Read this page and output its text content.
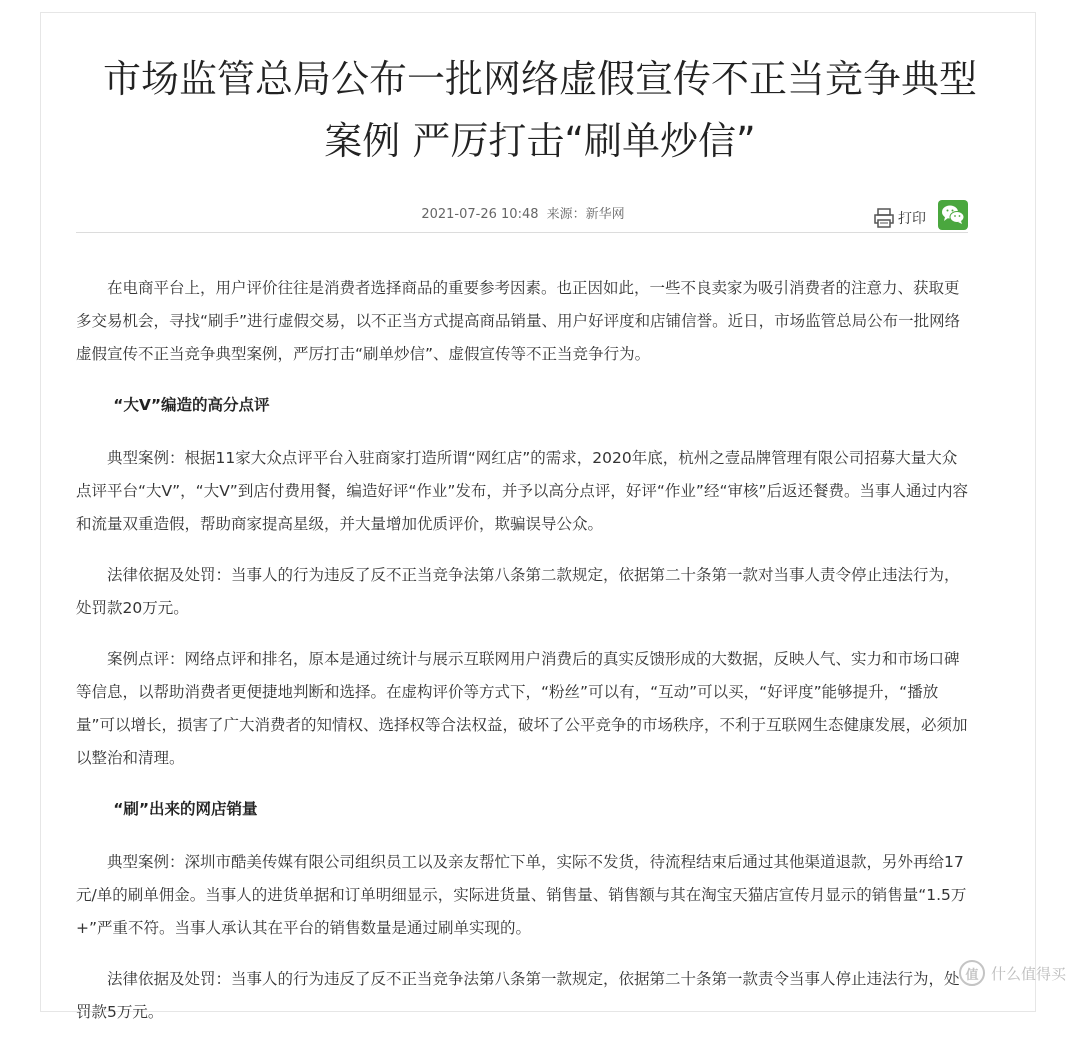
市场监管总局公布一批网络虚假宣传不正当竞争典型
案例 严厉打击“刷单炒信”
2021-07-26 10:48 来源：新华网	打印

在电商平台上，用户评价往往是消费者选择商品的重要参考因素。也正因如此，一些不良卖家为吸引消费者的注意力、获取更多交易机会，寻找“刷手”进行虚假交易，以不正当方式提高商品销量、用户好评度和店铺信誉。近日，市场监管总局公布一批网络虚假宣传不正当竞争典型案例，严厉打击“刷单炒信”、虚假宣传等不正当竞争行为。

“大V”编造的高分点评

典型案例：根据11家大众点评平台入驻商家打造所谓“网红店”的需求，2020年底，杭州之壹品牌管理有限公司招募大量大众点评平台“大V”，“大V”到店付费用餐，编造好评“作业”发布，并予以高分点评，好评“作业”经“审核”后返还餐费。当事人通过内容和流量双重造假，帮助商家提高星级，并大量增加优质评价，欺骗误导公众。

法律依据及处罚：当事人的行为违反了反不正当竞争法第八条第二款规定，依据第二十条第一款对当事人责令停止违法行为，处罚款20万元。

案例点评：网络点评和排名，原本是通过统计与展示互联网用户消费后的真实反馈形成的大数据，反映人气、实力和市场口碑等信息，以帮助消费者更便捷地判断和选择。在虚构评价等方式下，“粉丝”可以有，“互动”可以买，“好评度”能够提升，“播放量”可以增长，损害了广大消费者的知情权、选择权等合法权益，破坏了公平竞争的市场秩序，不利于互联网生态健康发展，必须加以整治和清理。

“刷”出来的网店销量

典型案例：深圳市酷美传媒有限公司组织员工以及亲友帮忙下单，实际不发货，待流程结束后通过其他渠道退款，另外再给17元/单的刷单佣金。当事人的进货单据和订单明细显示，实际进货量、销售量、销售额与其在淘宝天猫店宣传月显示的销售量“1.5万+”严重不符。当事人承认其在平台的销售数量是通过刷单实现的。

法律依据及处罚：当事人的行为违反了反不正当竞争法第八条第一款规定，依据第二十条第一款责令当事人停止违法行为，处罚款5万元。

值 什么值得买
